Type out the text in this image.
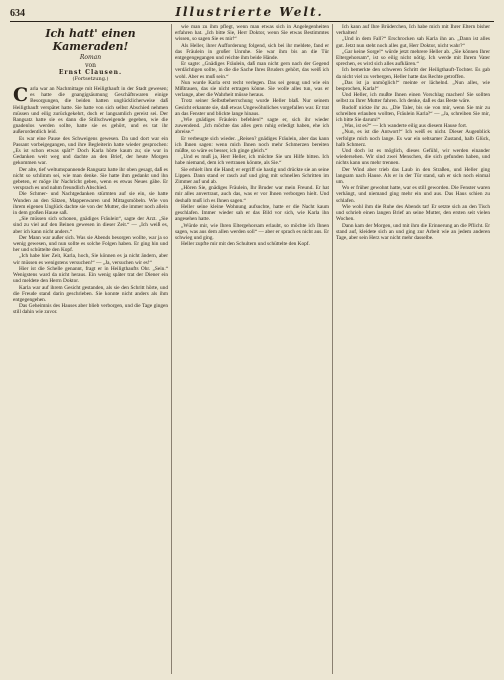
634	Illustrierte Welt.
Ich hatt' einen Kameraden!
Roman
von
Ernst Clausen.
(Fortsetzung.)

Carla war an Nachmittage mit Heiligthauft in der Stadt gewesen; es hatte die gnangigsäumung Geschäftswaren einige Besorgungen, die beiden hatten unglücklicherweise daß Heiligthauft verspätet hatte. Sie hatte von sich selbst Abschied nehmen müssen und eilig zurückgekehrt, doch er langsamlich gereist sei. Der Rangsatz hatte sie es dann die Stillschweigende gegeben, wie die gnadenlos werden sollte, hatte sie es gehört, und es tat ihr außerordentlich leid.

Es war eine Pause des Schweigens gewesen. Da und dort war ein Passant vorbeigegangen, und ihre Begleiterin hatte wieder gesprochen: „Es ist schon etwas spät!“ Doch Karla hörte kaum zu; sie war in Gedanken weit weg und dachte an den Brief, der heute Morgen gekommen war.

Der alte, tief weltumspannende Rangsatz hatte ihr oben gesagt, daß es nicht so schlimm sei, wie man denke. Sie hatte ihm gedankt und ihn gebeten, er möge ihr Nachricht geben, wenn es etwas Neues gäbe. Er versprach es und nahm freundlich Abschied.

Die Schmer- und Nachtgedanken stürmten auf sie ein, sie hatte Wunden an den Sätzen, Mappenwaren und Mittagsmöbeln. Wie von ihrem eigenen Unglück dachte sie von der Mutter, die immer noch allein in dem großen Hause saß.

„Sie müssen sich schonen, gnädiges Fräulein“, sagte der Arzt. „Sie sind zu viel auf den Beinen gewesen in dieser Zeit.“ — „Ich weiß es, aber ich kann nicht anders.“

Der Mann war außer sich. Was sie Abends besorgen wollte, war ja so wenig gewesen, und nun sollte es solche Folgen haben. Er ging hin und her und schüttelte den Kopf.

„Ich habe hier Zeit, Karla, hoch, Sie können es ja nicht ändern, aber wir müssen es wenigstens versuchen!“ — „Ja, versuchen wir es!“

Hier ist die Schelle genannt, fragt er in Heiligthaufts Ohr. „Sein.“ Wenigstens ward da nicht heraus. Ein wenig später trat der Diener ein und meldete den Herrn Doktor.

Karla war auf ihrem Gesicht gestanden, als sie den Schritt hörte, und die Freude stand darin geschrieben. Sie konnte nicht anders als ihm entgegengehen.

Das Geheimnis des Hauses aber blieb verborgen, und die Tage gingen still dahin wie zuvor.

wie man zu ihm pflegt, wenn man etwas sich in Angelegenheiten erfahren hat. „Ich bitte Sie, Herr Doktor, wenn Sie etwas Bestimmtes wissen, so sagen Sie es mir!“

Als Heller, ihrer Aufforderung folgend, sich bei ihr meldete, fand er das Fräulein in großer Unruhe. Sie war ihm bis an die Tür entgegengegangen und reichte ihm beide Hände.

Er sagte: „Gnädiges Fräulein, daß man nicht gern nach der Gegend verdächtigen sollte, in die die Sache Ihres Bruders gehört, das weiß ich wohl. Aber es muß sein.“

Nun wurde Karla erst recht verlegen. Das sei genug und wie ein Mißtrauen, das sie nicht ertragen könne. Sie wolle alles tun, was er verlange, aber die Wahrheit müsse heraus.

Trotz seiner Selbstbeherrschung wurde Heller blaß. Nur seinem Gesicht erkannte sie, daß etwas Ungewöhnliches vorgefallen war. Er trat an das Fenster und blickte lange hinaus.

„Wie gnädiges Fräulein befehlen!“ sagte er, sich ihr wieder zuwendend. „Ich möchte das alles gern ruhig erledigt haben, ehe ich abreise.“

Er verbeugte sich wieder. „Reisen? gnädiges Fräulein, aber das kann ich Ihnen sagen: wenn mich Ihnen noch mehr Schmerzen bereiten müßte, so wäre es besser, ich ginge gleich.“

„Und es muß ja, Herr Heller, ich möchte Sie um Hilfe bitten. Ich habe niemand, dem ich vertrauen könnte, als Sie.“

Sie erhielt ihm die Hand; er ergriff sie hastig und drückte sie an seine Lippen. Dann stand er rasch auf und ging mit schnellen Schritten im Zimmer auf und ab.

„Hören Sie, gnädiges Fräulein, Ihr Bruder war mein Freund. Er hat mir alles anvertraut, auch das, was er vor Ihnen verborgen hielt. Und deshalb muß ich es Ihnen sagen.“

Heller seine kleine Wohnung aufsuchte, hatte er die Nacht kaum geschlafen. Immer wieder sah er das Bild vor sich, wie Karla ihn angesehen hatte.

„Würde mir, wie Ihren Eltergehorsam erlaubt, so möchte ich Ihnen sagen, was aus dem allen werden soll“ — aber er sprach es nicht aus. Er schwieg und ging.

Heller zupfte mir mit den Schultern und schüttelte den Kopf.

Ich kann auf Ihre Brüderchen, Ich habe mich mit Ihrer Eltern bisher verhalten!

„Und in dem Fall?“ Erschrocken sah Karla ihn an. „Dann ist alles gut. Jetzt nun steht noch alles gut, Herr Doktor, nicht wahr?“

„Gar keine Sorge!“ würde jetzt mehrere Heller ab. „Sie können Ihrer Eltergehorsam“, ist so eilig nicht nötig. Ich werde mit Ihrem Vater sprechen, es wird sich alles aufklären.“

Ich bemerkte den schweren Schritt der Heiligthauft-Tochter. Es gab da nicht viel zu verbergen, Heller hatte das Rechte getroffen.

„Das ist ja unmöglich!“ meinte er lächelnd. „Nun alles, wie besprochen, Karla!“

Und Heller, ich mußte Ihnen einen Vorschlag machen! Sie sollten selbst zu Ihrer Mutter fahren. Ich denke, daß es das Beste wäre.

Rudolf nickte ihr zu. „Die Taler, bis sie von mir, wenn Sie mir zu schreiben erlauben wollten, Fräulein Karla?“ — „Ja, schreiben Sie mir, ich bitte Sie darum!“

„Was, ist es?“ — Ich wanderte eilig aus diesem Hause fort.

„Nun, es ist die Antwort!“ Ich weiß es nicht. Dieser Augenblick verfolgte mich noch lange. Es war ein seltsamer Zustand, halb Glück, halb Schmerz.

Und doch ist es möglich, dieses Gefühl, wir werden einander wiedersehen. Wir sind zwei Menschen, die sich gefunden haben, und nichts kann uns mehr trennen.

Der Wind aber trieb das Laub in den Straßen, und Heller ging langsam nach Hause. Als er in der Tür stand, sah er sich noch einmal um.

Wo er früher gewohnt hatte, war es still geworden. Die Fenster waren verhängt, und niemand ging mehr ein und aus. Das Haus schien zu schlafen.

Wie wohl ihm die Ruhe des Abends tat! Er setzte sich an den Tisch und schrieb einen langen Brief an seine Mutter, den ersten seit vielen Wochen.

Dann kam der Morgen, und mit ihm die Erinnerung an die Pflicht. Er stand auf, kleidete sich an und ging zur Arbeit wie an jedem anderen Tage, aber sein Herz war nicht mehr dasselbe.
